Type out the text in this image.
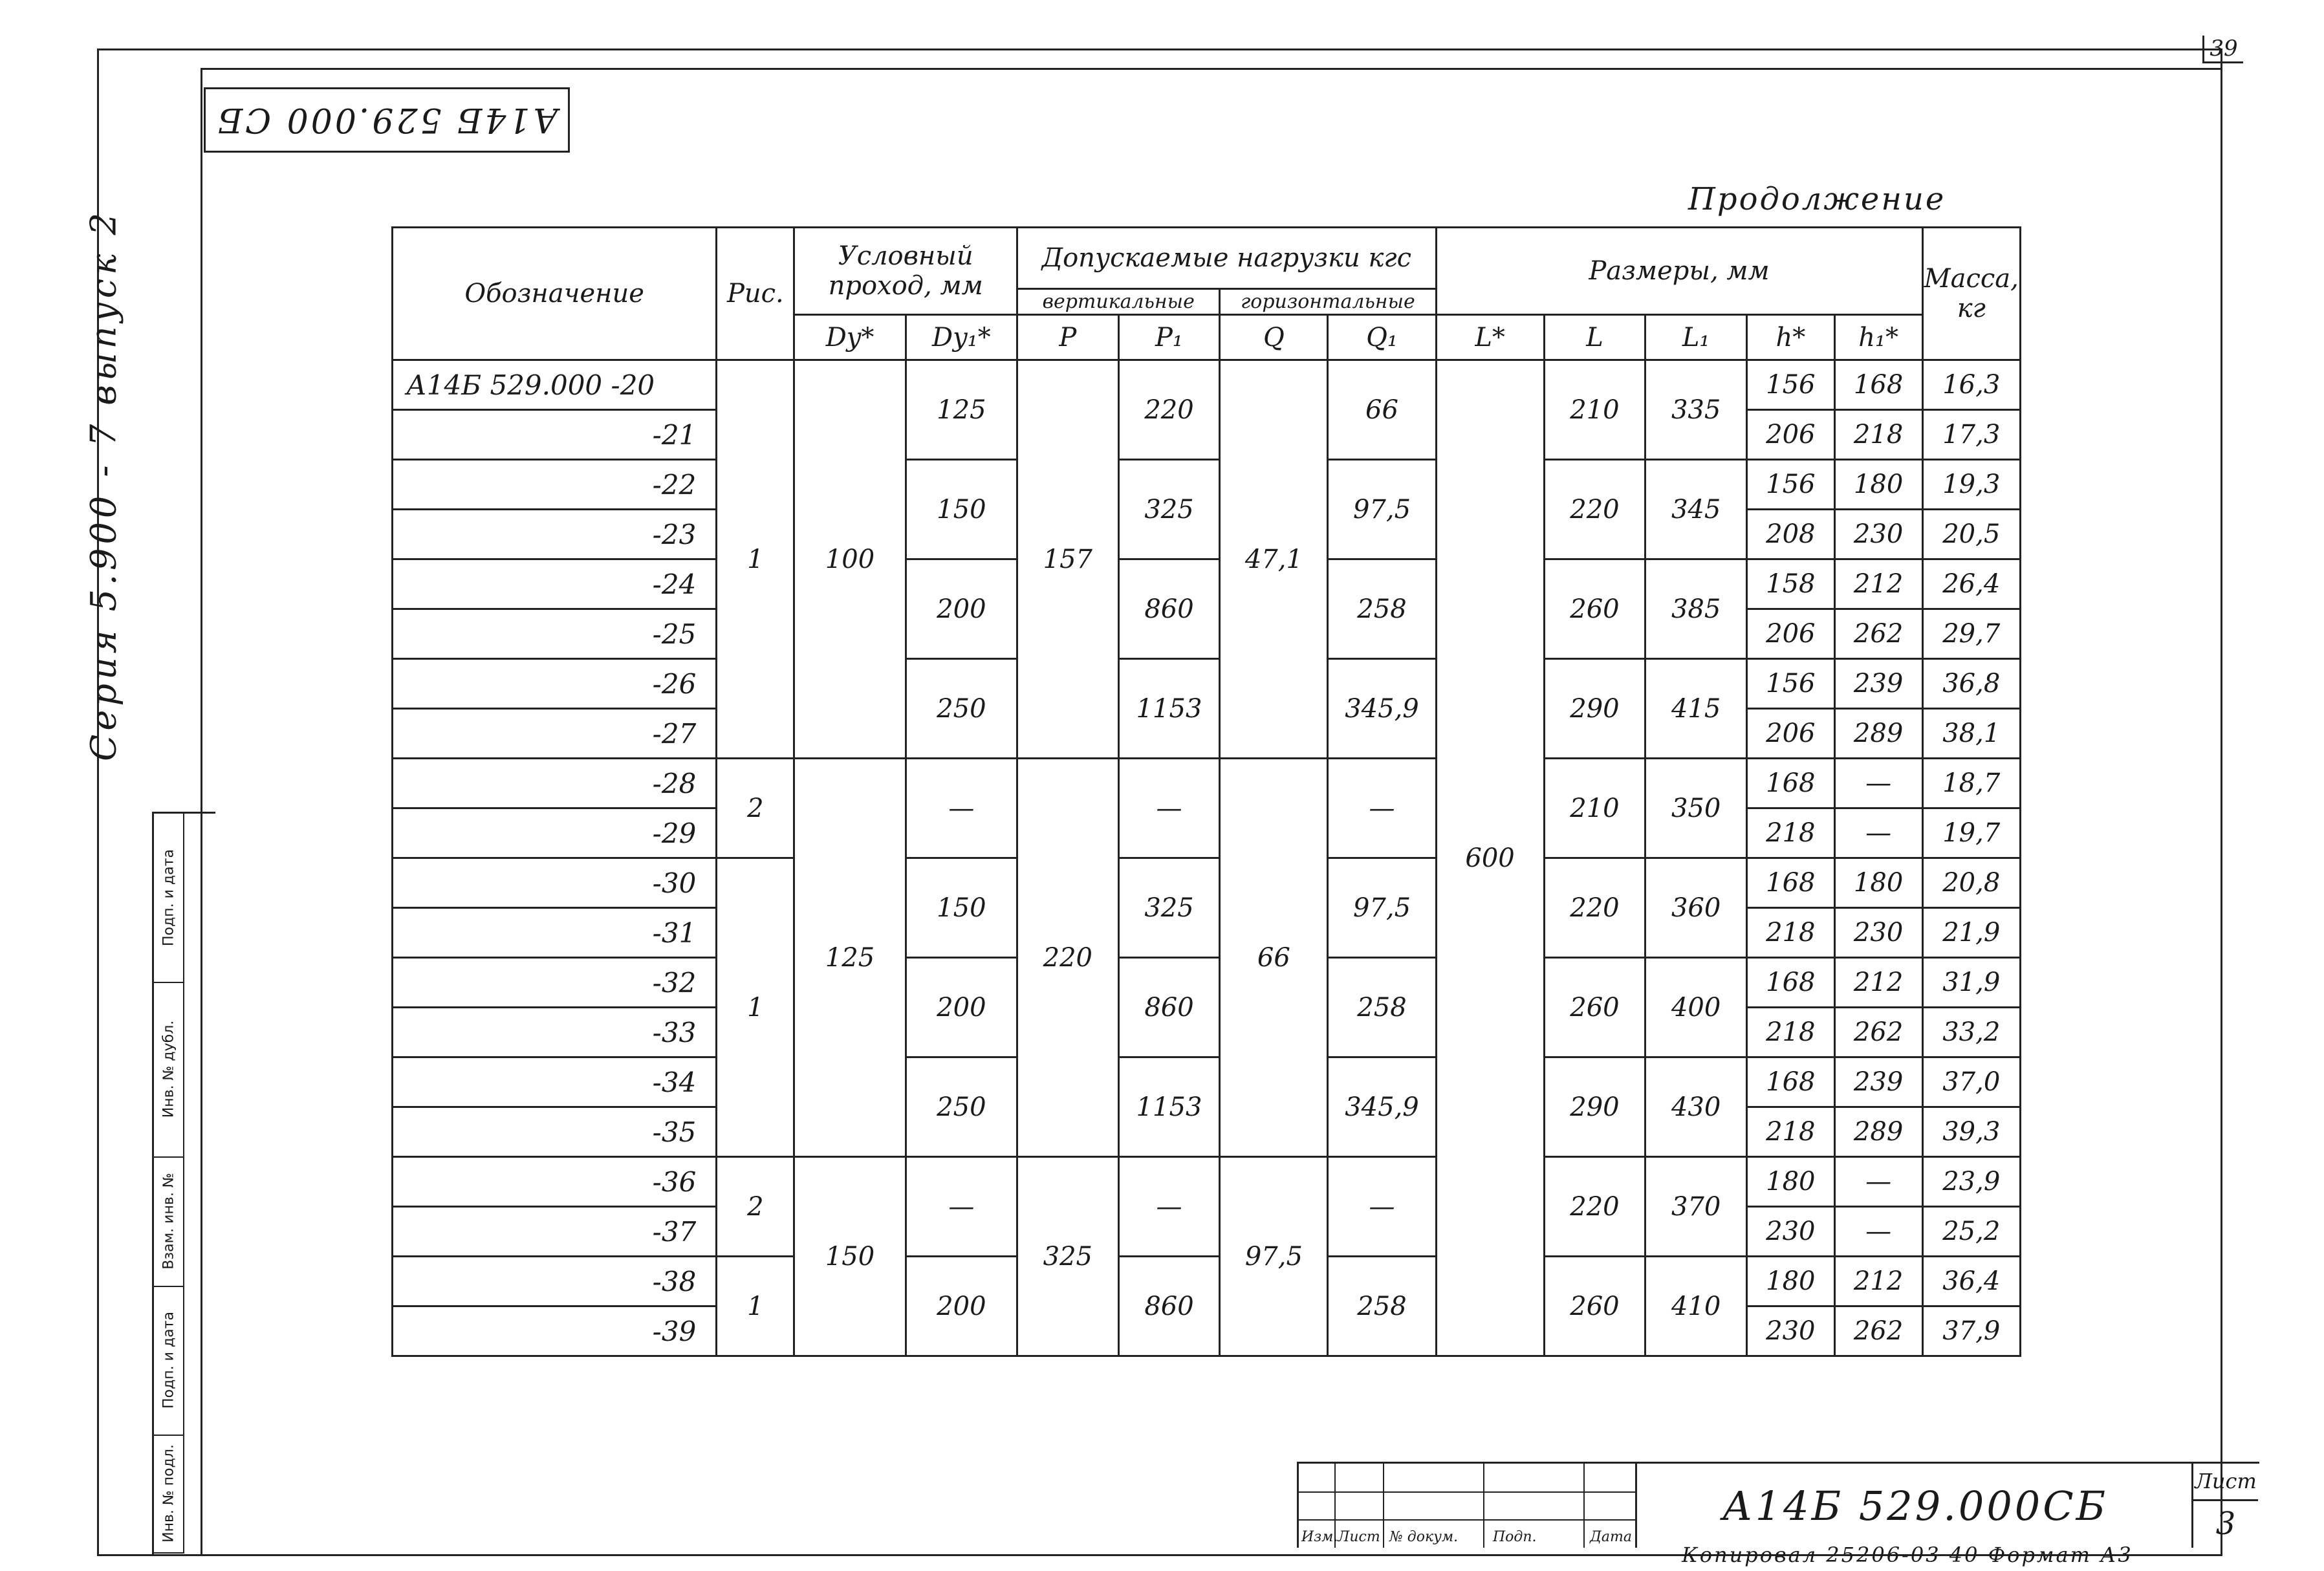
39
А14Б 529.000 СБ
Серия 5.900 - 7 выпуск 2
Подп. и дата
Инв. № дубл.
Взам. инв. №
Подп. и дата
Инв. № подл.
Продолжение
Обозначение	Рис.	Условный проход, мм		Допускаемые нагрузки кгс				Размеры, мм					Масса, кг
				вертикальные		горизонтальные							
		Dy*	Dy₁*	P	P₁	Q	Q₁	L*	L	L₁	h*	h₁*	
А14Б 529.000 -20	1	100	125	157	220	47,1	66	600	210	335	156	168	16,3
-21											206	218	17,3
-22			150		325		97,5		220	345	156	180	19,3
-23											208	230	20,5
-24			200		860		258		260	385	158	212	26,4
-25											206	262	29,7
-26			250		1153		345,9		290	415	156	239	36,8
-27											206	289	38,1
-28	2	125	—	220	—	66	—		210	350	168	—	18,7
-29											218	—	19,7
-30	1		150		325		97,5		220	360	168	180	20,8
-31											218	230	21,9
-32			200		860		258		260	400	168	212	31,9
-33											218	262	33,2
-34			250		1153		345,9		290	430	168	239	37,0
-35											218	289	39,3
-36	2	150	—	325	—	97,5	—		220	370	180	—	23,9
-37											230	—	25,2
-38	1		200		860		258		260	410	180	212	36,4
-39											230	262	37,9
Изм. Лист № докум. Подп.	Дата
А14Б 529.000СБ
Лист
3
Копировал 25206-03 40 Формат А3
